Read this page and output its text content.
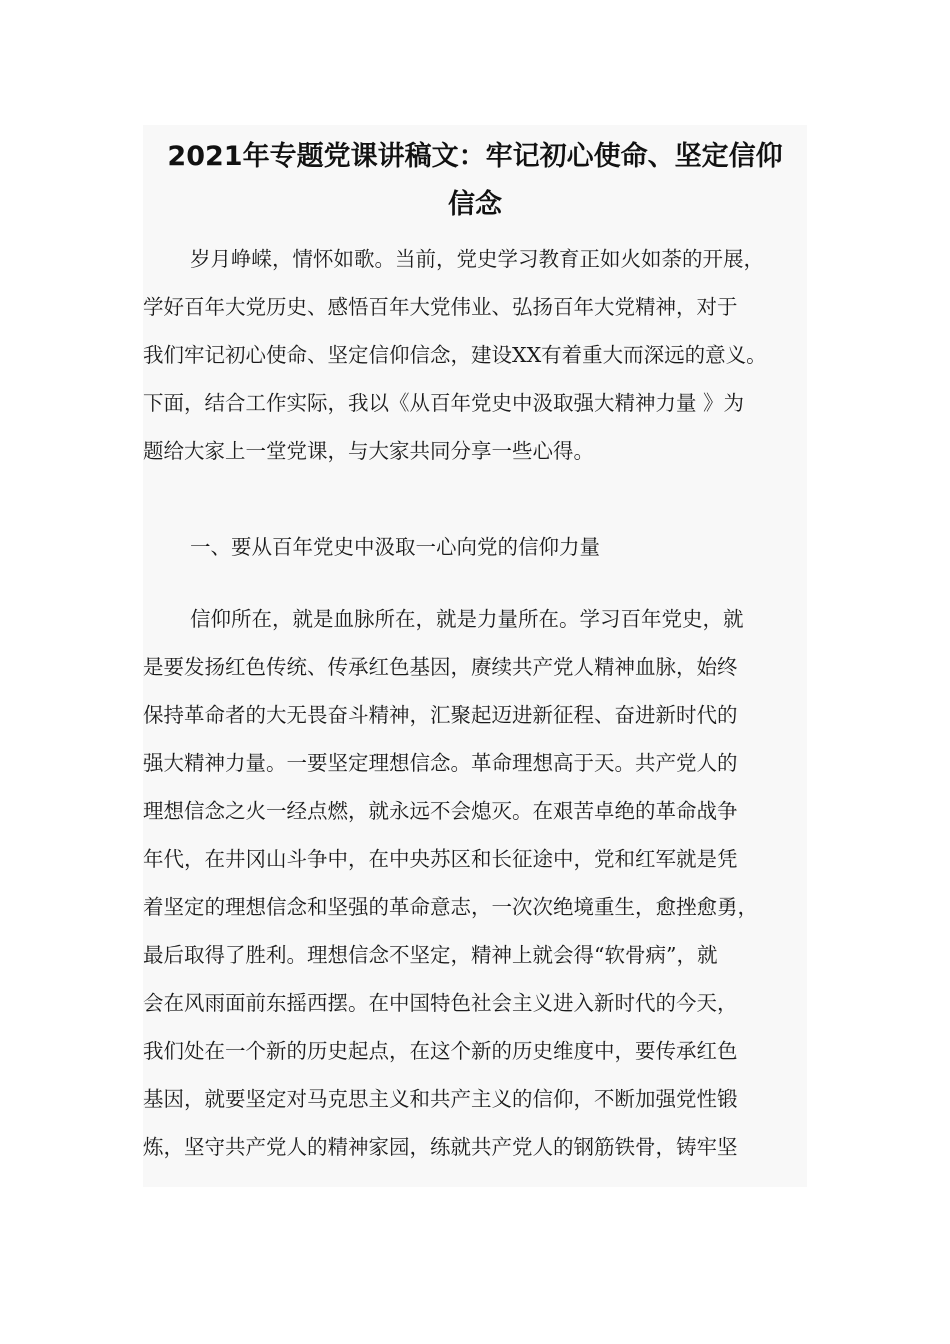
2021年专题党课讲稿文：牢记初心使命、坚定信仰
信念

岁月峥嵘，情怀如歌。当前，党史学习教育正如火如荼的开展，
学好百年大党历史、感悟百年大党伟业、弘扬百年大党精神，对于
我们牢记初心使命、坚定信仰信念，建设XX有着重大而深远的意义。
下面，结合工作实际，我以《从百年党史中汲取强大精神力量 》为
题给大家上一堂党课，与大家共同分享一些心得。

一、要从百年党史中汲取一心向党的信仰力量

信仰所在，就是血脉所在，就是力量所在。学习百年党史，就
是要发扬红色传统、传承红色基因，赓续共产党人精神血脉，始终
保持革命者的大无畏奋斗精神，汇聚起迈进新征程、奋进新时代的
强大精神力量。一要坚定理想信念。革命理想高于天。共产党人的
理想信念之火一经点燃，就永远不会熄灭。在艰苦卓绝的革命战争
年代，在井冈山斗争中，在中央苏区和长征途中，党和红军就是凭
着坚定的理想信念和坚强的革命意志，一次次绝境重生，愈挫愈勇，
最后取得了胜利。理想信念不坚定，精神上就会得“软骨病”，就
会在风雨面前东摇西摆。在中国特色社会主义进入新时代的今天，
我们处在一个新的历史起点，在这个新的历史维度中，要传承红色
基因，就要坚定对马克思主义和共产主义的信仰，不断加强党性锻
炼，坚守共产党人的精神家园，练就共产党人的钢筋铁骨，铸牢坚
